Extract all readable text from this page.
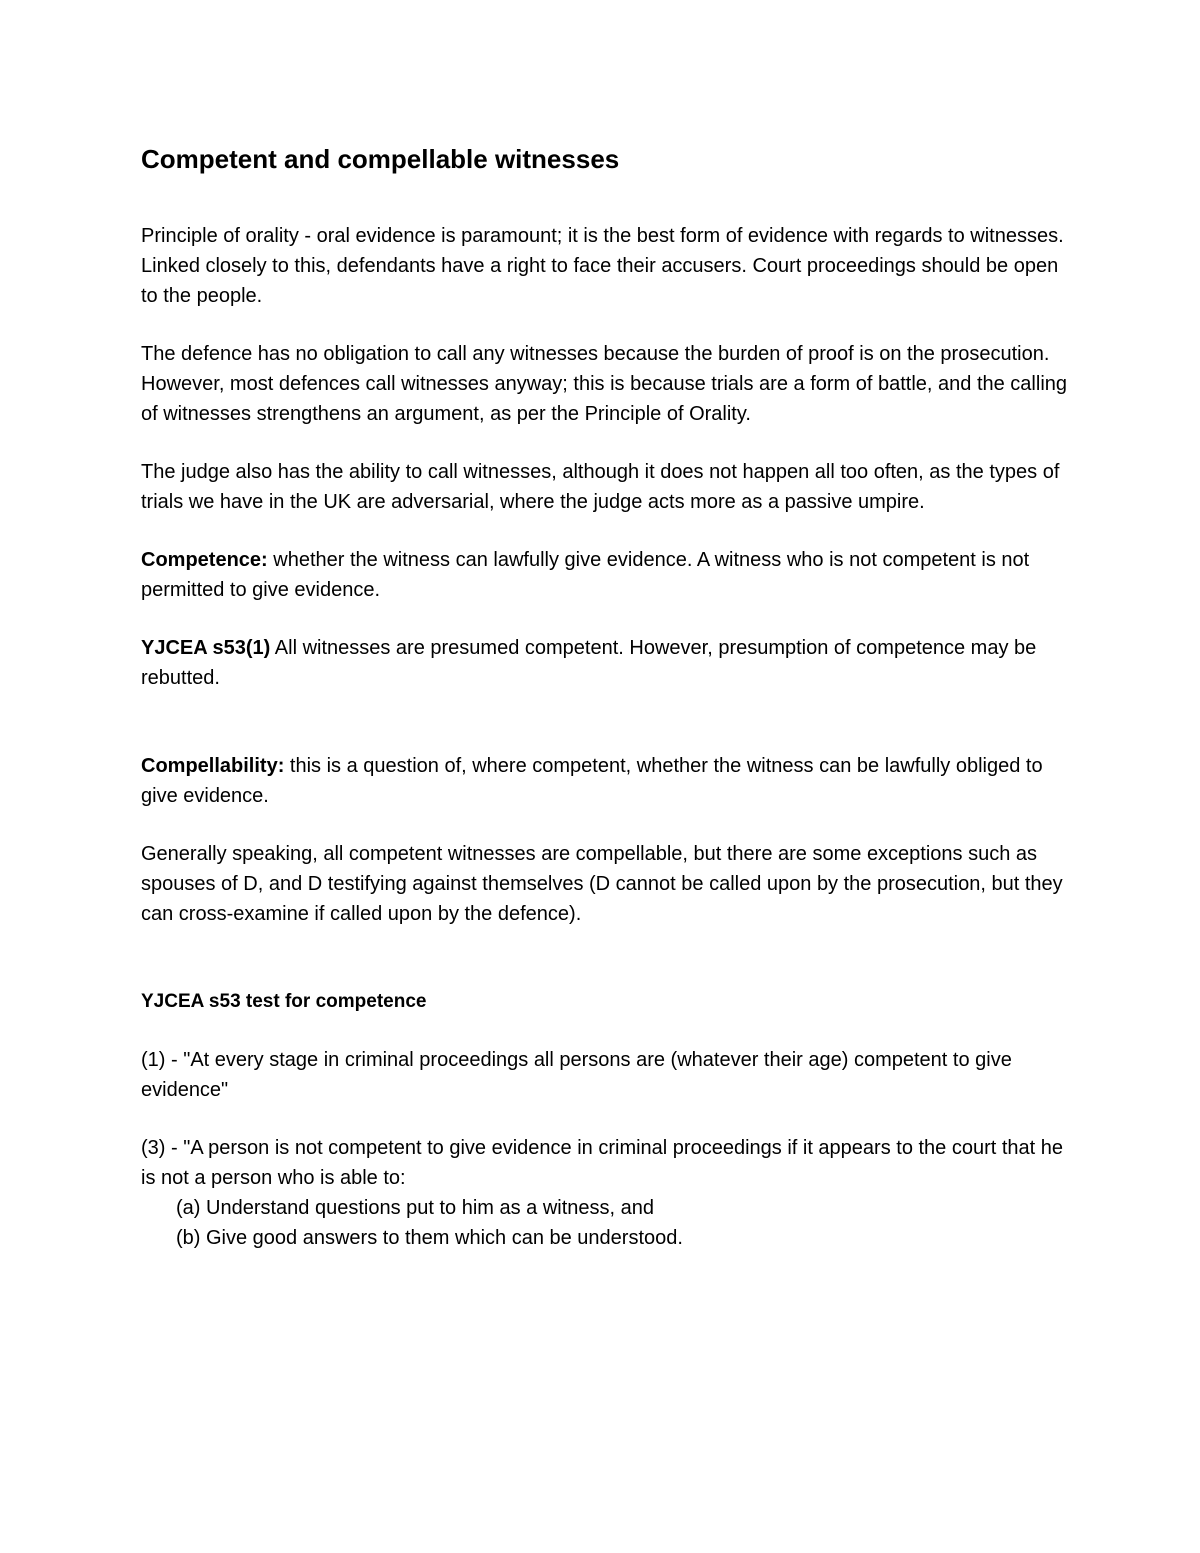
Competent and compellable witnesses

Principle of orality - oral evidence is paramount; it is the best form of evidence with regards to witnesses. Linked closely to this, defendants have a right to face their accusers. Court proceedings should be open to the people.

The defence has no obligation to call any witnesses because the burden of proof is on the prosecution. However, most defences call witnesses anyway; this is because trials are a form of battle, and the calling of witnesses strengthens an argument, as per the Principle of Orality.

The judge also has the ability to call witnesses, although it does not happen all too often, as the types of trials we have in the UK are adversarial, where the judge acts more as a passive umpire.

Competence: whether the witness can lawfully give evidence. A witness who is not competent is not permitted to give evidence.

YJCEA s53(1) All witnesses are presumed competent. However, presumption of competence may be rebutted.

Compellability: this is a question of, where competent, whether the witness can be lawfully obliged to give evidence.

Generally speaking, all competent witnesses are compellable, but there are some exceptions such as spouses of D, and D testifying against themselves (D cannot be called upon by the prosecution, but they can cross-examine if called upon by the defence).

YJCEA s53 test for competence

(1) - "At every stage in criminal proceedings all persons are (whatever their age) competent to give evidence"

(3) - "A person is not competent to give evidence in criminal proceedings if it appears to the court that he is not a person who is able to:

(a) Understand questions put to him as a witness, and

(b) Give good answers to them which can be understood.
